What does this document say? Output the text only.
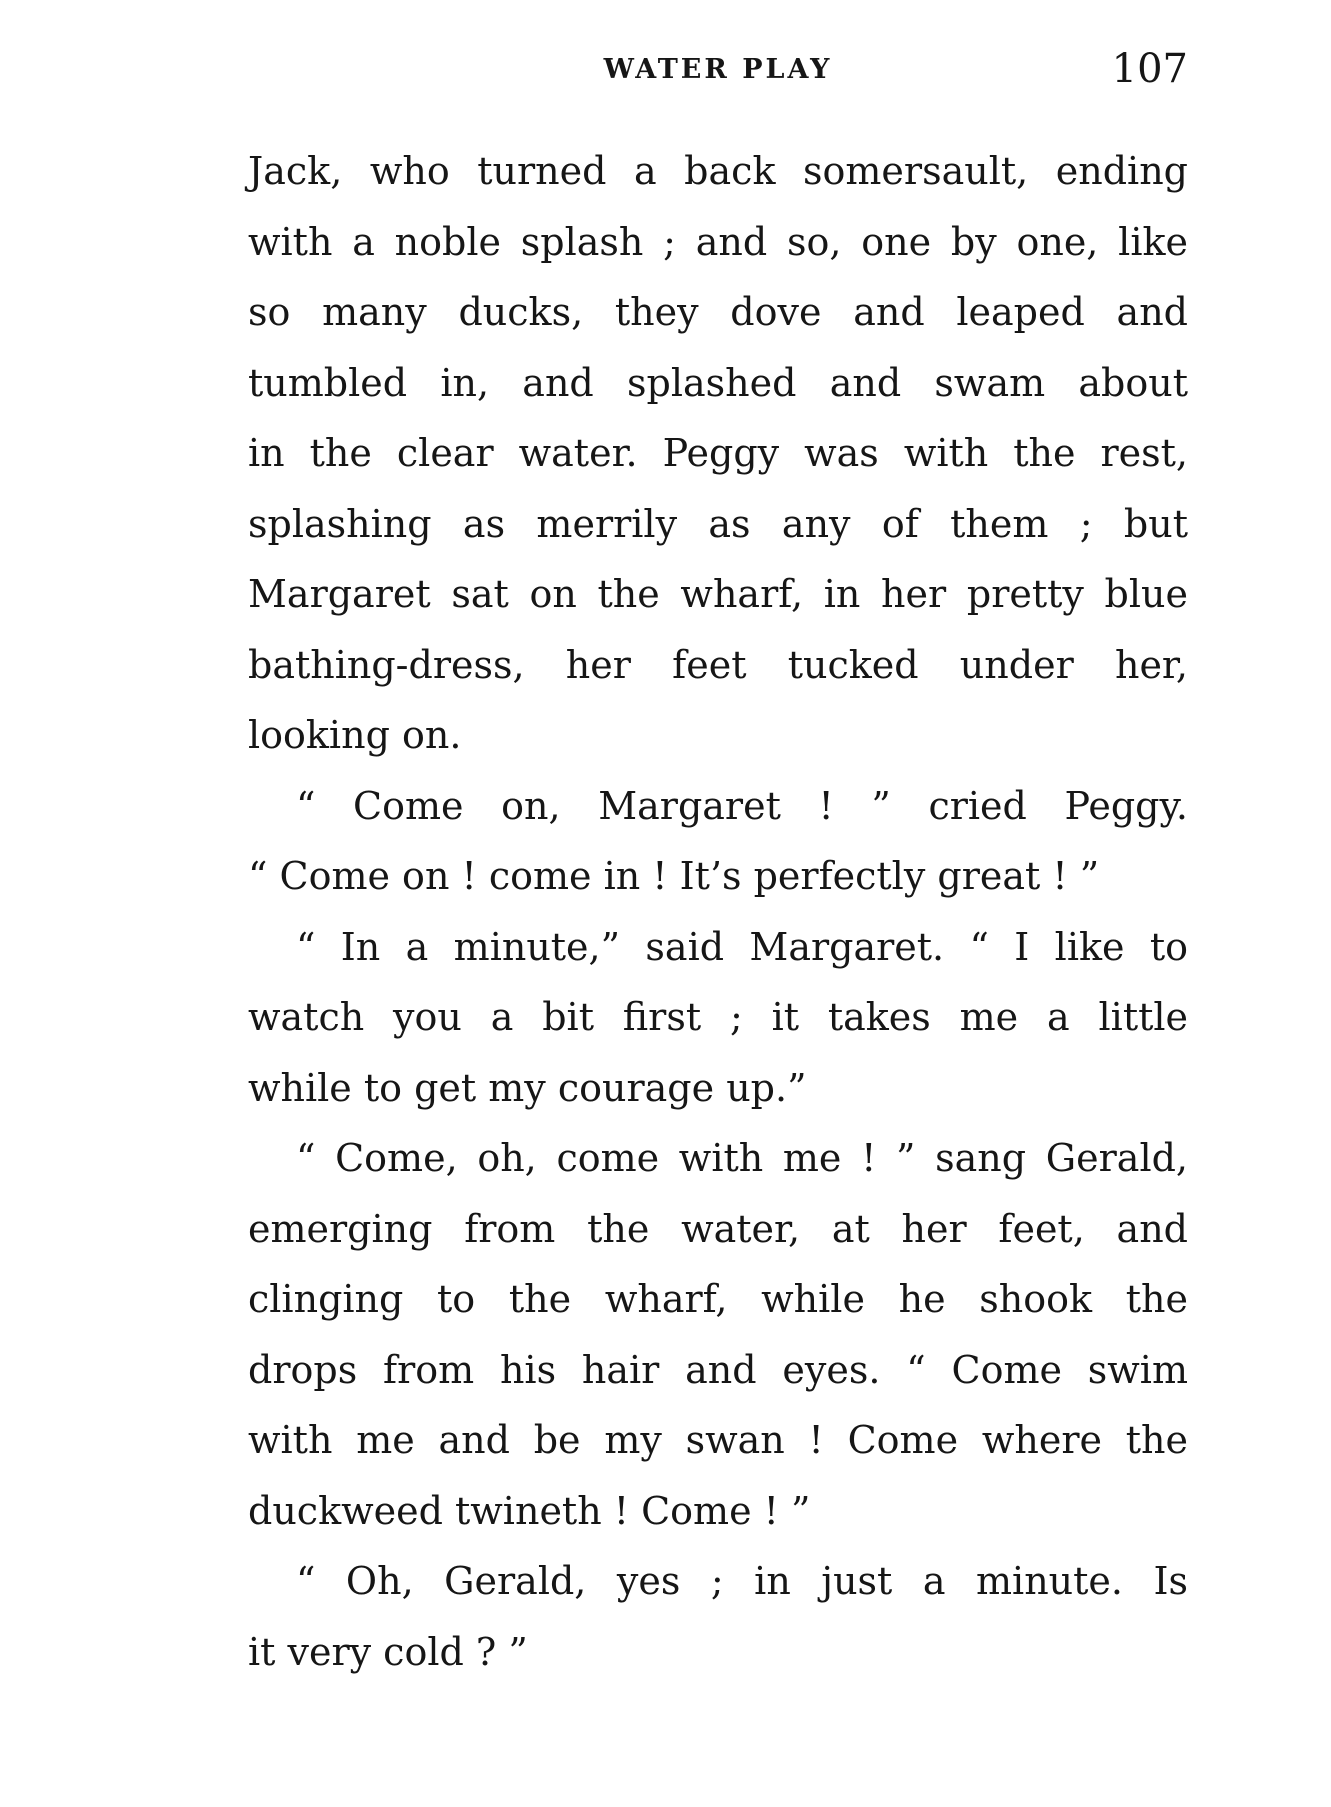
WATER PLAY	107
Jack, who turned a back somersault, ending
with a noble splash ; and so, one by one, like
so many ducks, they dove and leaped and
tumbled in, and splashed and swam about
in the clear water. Peggy was with the rest,
splashing as merrily as any of them ; but
Margaret sat on the wharf, in her pretty blue
bathing-dress, her feet tucked under her,
looking on.
“ Come on, Margaret ! ” cried Peggy.
“ Come on ! come in ! It’s perfectly great ! ”
“ In a minute,” said Margaret. “ I like to
watch you a bit first ; it takes me a little
while to get my courage up.”
“ Come, oh, come with me ! ” sang Gerald,
emerging from the water, at her feet, and
clinging to the wharf, while he shook the
drops from his hair and eyes. “ Come swim
with me and be my swan ! Come where the
duckweed twineth ! Come ! ”
“ Oh, Gerald, yes ; in just a minute. Is
it very cold ? ”
